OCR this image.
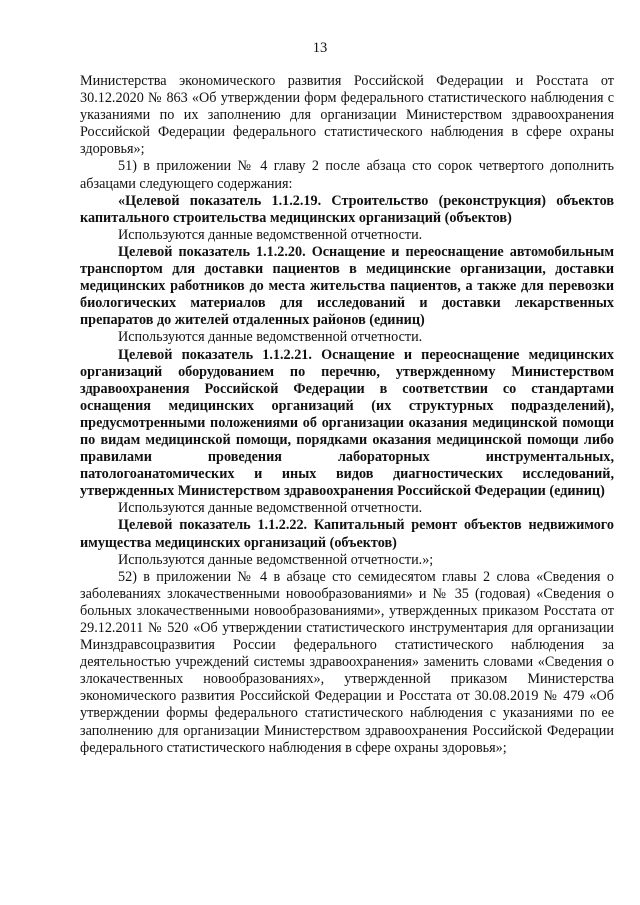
13

Министерства экономического развития Российской Федерации и Росстата от 30.12.2020 № 863 «Об утверждении форм федерального статистического наблюдения с указаниями по их заполнению для организации Министерством здравоохранения Российской Федерации федерального статистического наблюдения в сфере охраны здоровья»;

51) в приложении № 4 главу 2 после абзаца сто сорок четвертого дополнить абзацами следующего содержания:

«Целевой показатель 1.1.2.19. Строительство (реконструкция) объектов капитального строительства медицинских организаций (объектов)

Используются данные ведомственной отчетности.

Целевой показатель 1.1.2.20. Оснащение и переоснащение автомобильным транспортом для доставки пациентов в медицинские организации, доставки медицинских работников до места жительства пациентов, а также для перевозки биологических материалов для исследований и доставки лекарственных препаратов до жителей отдаленных районов (единиц)

Используются данные ведомственной отчетности.

Целевой показатель 1.1.2.21. Оснащение и переоснащение медицинских организаций оборудованием по перечню, утвержденному Министерством здравоохранения Российской Федерации в соответствии со стандартами оснащения медицинских организаций (их структурных подразделений), предусмотренными положениями об организации оказания медицинской помощи по видам медицинской помощи, порядками оказания медицинской помощи либо правилами проведения лабораторных инструментальных, патологоанатомических и иных видов диагностических исследований, утвержденных Министерством здравоохранения Российской Федерации (единиц)

Используются данные ведомственной отчетности.

Целевой показатель 1.1.2.22. Капитальный ремонт объектов недвижимого имущества медицинских организаций (объектов)

Используются данные ведомственной отчетности.»;

52) в приложении № 4 в абзаце сто семидесятом главы 2 слова «Сведения о заболеваниях злокачественными новообразованиями» и № 35 (годовая) «Сведения о больных злокачественными новообразованиями», утвержденных приказом Росстата от 29.12.2011 № 520 «Об утверждении статистического инструментария для организации Минздравсоцразвития России федерального статистического наблюдения за деятельностью учреждений системы здравоохранения» заменить словами «Сведения о злокачественных новообразованиях», утвержденной приказом Министерства экономического развития Российской Федерации и Росстата от 30.08.2019 № 479 «Об утверждении формы федерального статистического наблюдения с указаниями по ее заполнению для организации Министерством здравоохранения Российской Федерации федерального статистического наблюдения в сфере охраны здоровья»;
